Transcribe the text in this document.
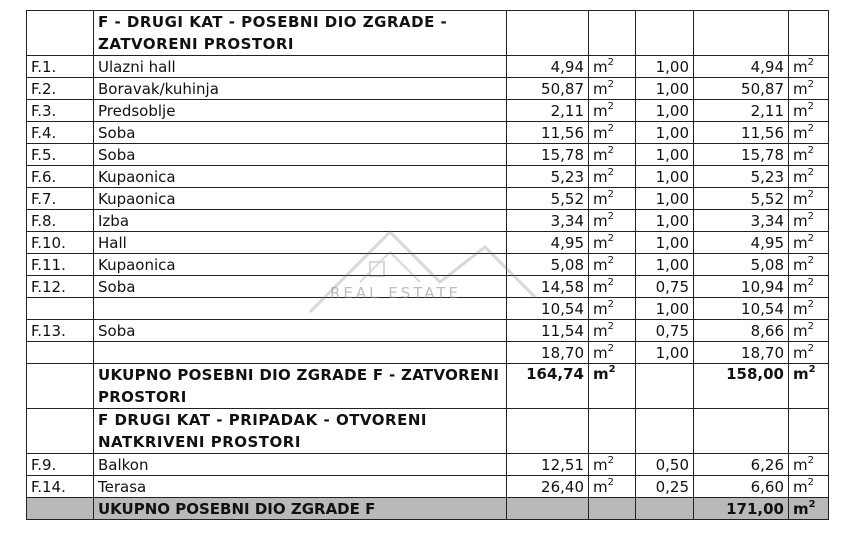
	F - DRUGI KAT - POSEBNI DIO ZGRADE - ZATVORENI PROSTORI					
F.1.	Ulazni hall	4,94	$m^2$	1,00	4,94	$m^2$
F.2.	Boravak/kuhinja	50,87	$m^2$	1,00	50,87	$m^2$
F.3.	Predsoblje	2,11	$m^2$	1,00	2,11	$m^2$
F.4.	Soba	11,56	$m^2$	1,00	11,56	$m^2$
F.5.	Soba	15,78	$m^2$	1,00	15,78	$m^2$
F.6.	Kupaonica	5,23	$m^2$	1,00	5,23	$m^2$
F.7.	Kupaonica	5,52	$m^2$	1,00	5,52	$m^2$
F.8.	Izba	3,34	$m^2$	1,00	3,34	$m^2$
F.10.	Hall	4,95	$m^2$	1,00	4,95	$m^2$
F.11.	Kupaonica	5,08	$m^2$	1,00	5,08	$m^2$
F.12.	Soba	14,58	$m^2$	0,75	10,94	$m^2$
		10,54	$m^2$	1,00	10,54	$m^2$
F.13.	Soba	11,54	$m^2$	0,75	8,66	$m^2$
		18,70	$m^2$	1,00	18,70	$m^2$
	UKUPNO POSEBNI DIO ZGRADE F - ZATVORENI PROSTORI	164,74	$m^2$		158,00	$m^2$
	F DRUGI KAT - PRIPADAK - OTVORENI NATKRIVENI PROSTORI					
F.9.	Balkon	12,51	$m^2$	0,50	6,26	$m^2$
F.14.	Terasa	26,40	$m^2$	0,25	6,60	$m^2$
	UKUPNO POSEBNI DIO ZGRADE F				171,00	$m^2$
REAL ESTATE
